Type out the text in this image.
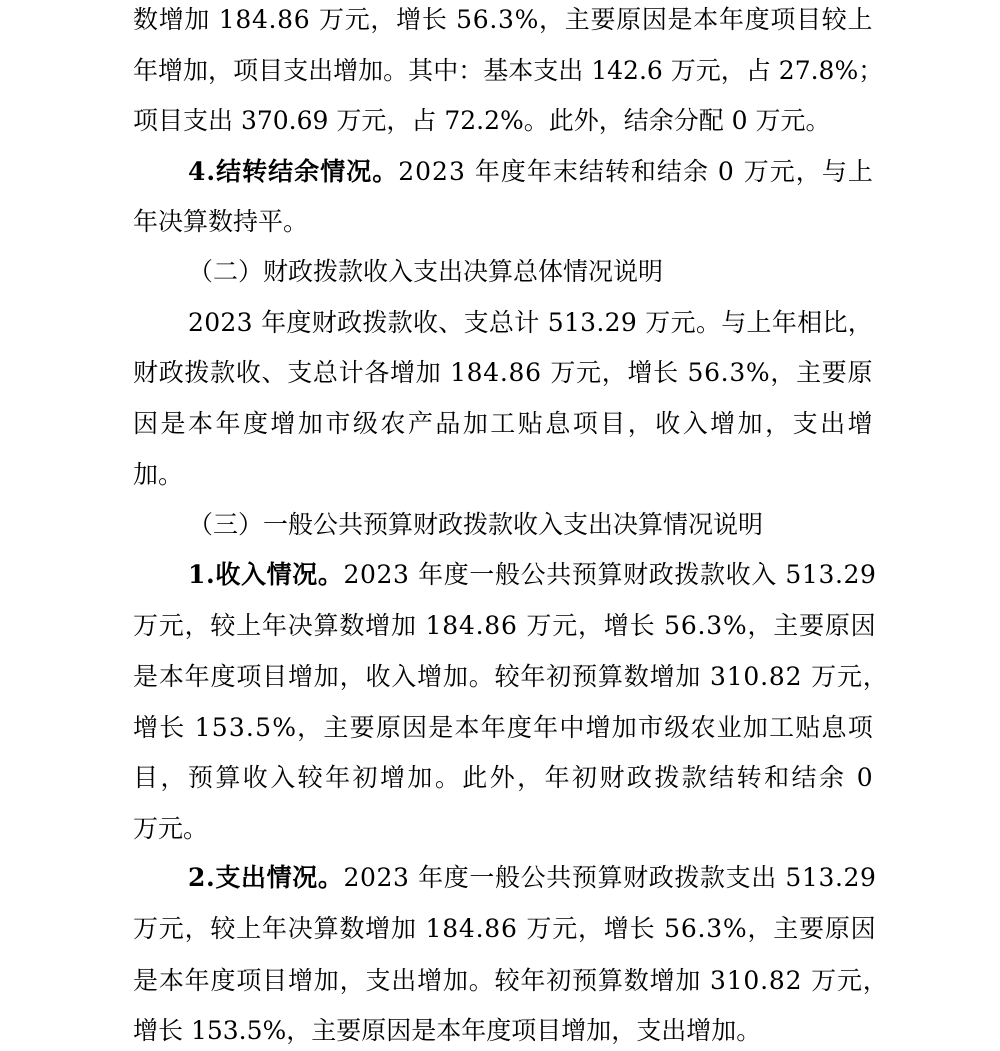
数 增 加
1 8 4 . 8 6
万 元 ， 增 长
5 6 . 3 % ， 主 要 原 因 是 本 年 度 项 目 较 上
年 增 加 ， 项 目 支 出 增 加 。 其 中 ： 基 本 支 出
1 4 2 . 6
万 元 ， 占
2 7 . 8 % ；
项目支出 370.69 万元，占 72.2%。此外，结余分配 0 万元。
4 . 结 转 结 余 情 况 。 2 0 2 3
年 度 年 末 结 转 和 结 余
0
万 元 ， 与 上
年决算数持平。
（二）财政拨款收入支出决算总体情况说明
2 0 2 3
年 度 财 政 拨 款 收 、 支 总 计
5 1 3 . 2 9
万 元 。 与 上 年 相 比 ，
财 政 拨 款 收 、 支 总 计 各 增 加
1 8 4 . 8 6
万 元 ， 增 长
5 6 . 3 % ， 主 要 原
因 是 本 年 度 增 加 市 级 农 产 品 加 工 贴 息 项 目 ， 收 入 增 加 ， 支 出 增
加。
（三）一般公共预算财政拨款收入支出决算情况说明
1 . 收 入 情 况 。 2 0 2 3
年 度 一 般 公 共 预 算 财 政 拨 款 收 入
5 1 3 . 2 9
万 元 ， 较 上 年 决 算 数 增 加
1 8 4 . 8 6
万 元 ， 增 长
5 6 . 3 % ， 主 要 原 因
是 本 年 度 项 目 增 加 ， 收 入 增 加 。 较 年 初 预 算 数 增 加
3 1 0 . 8 2
万 元 ，
增 长
1 5 3 . 5 % ， 主 要 原 因 是 本 年 度 年 中 增 加 市 级 农 业 加 工 贴 息 项
目 ， 预 算 收 入 较 年 初 增 加 。 此 外 ， 年 初 财 政 拨 款 结 转 和 结 余
0
万元。
2 . 支 出 情 况 。 2 0 2 3
年 度 一 般 公 共 预 算 财 政 拨 款 支 出
5 1 3 . 2 9
万 元 ， 较 上 年 决 算 数 增 加
1 8 4 . 8 6
万 元 ， 增 长
5 6 . 3 % ， 主 要 原 因
是 本 年 度 项 目 增 加 ， 支 出 增 加 。 较 年 初 预 算 数 增 加
3 1 0 . 8 2
万 元 ，
增长 153.5%，主要原因是本年度项目增加，支出增加。
